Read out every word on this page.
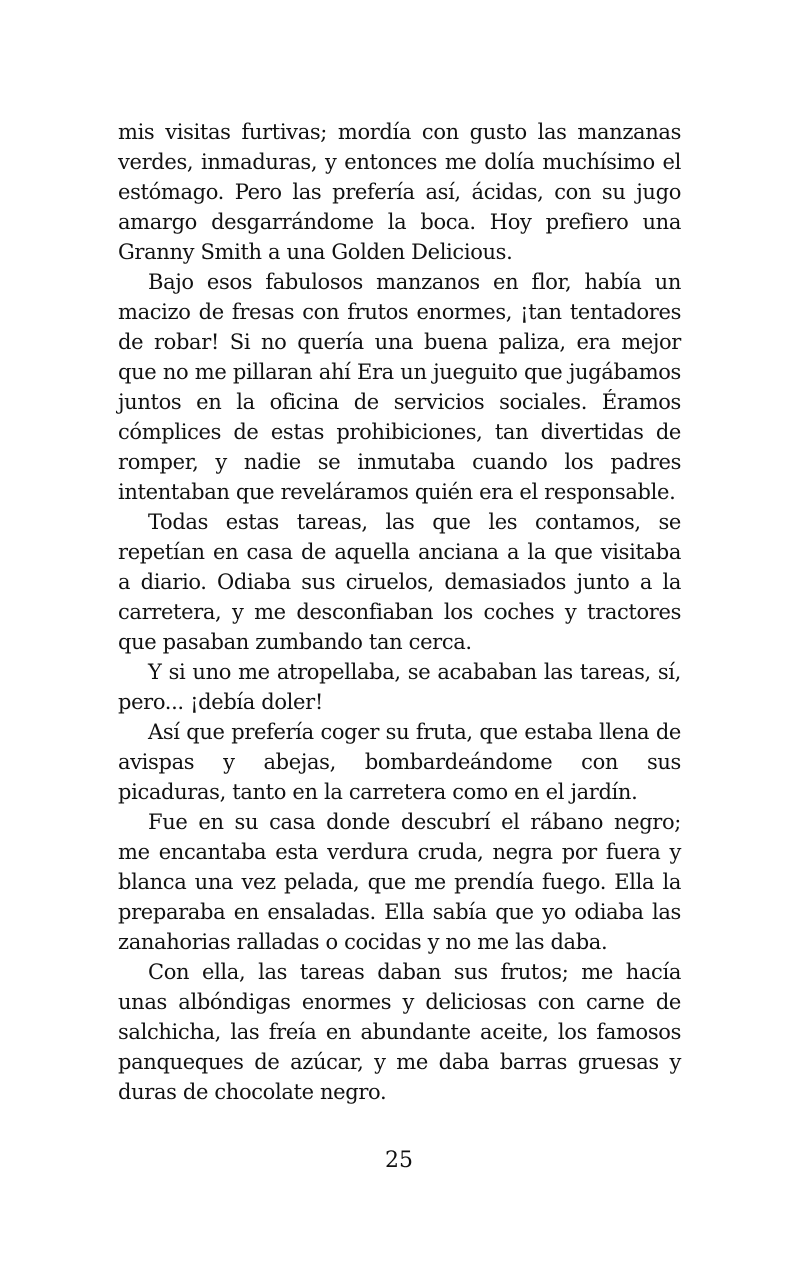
mis visitas furtivas; mordía con gusto las manzanas verdes, inmaduras, y entonces me dolía muchísimo el estómago. Pero las prefería así, ácidas, con su jugo amargo desgarrándome la boca. Hoy prefiero una Granny Smith a una Golden Delicious.

Bajo esos fabulosos manzanos en flor, había un macizo de fresas con frutos enormes, ¡tan tentadores de robar! Si no quería una buena paliza, era mejor que no me pillaran ahí Era un jueguito que jugábamos juntos en la oficina de servicios sociales. Éramos cómplices de estas prohibiciones, tan divertidas de romper, y nadie se inmutaba cuando los padres intentaban que reveláramos quién era el responsable.

Todas estas tareas, las que les contamos, se repetían en casa de aquella anciana a la que visitaba a diario. Odiaba sus ciruelos, demasiados junto a la carretera, y me desconfiaban los coches y tractores que pasaban zumbando tan cerca.

Y si uno me atropellaba, se acababan las tareas, sí, pero... ¡debía doler!

Así que prefería coger su fruta, que estaba llena de avispas y abejas, bombardeándome con sus picaduras, tanto en la carretera como en el jardín.

Fue en su casa donde descubrí el rábano negro; me encantaba esta verdura cruda, negra por fuera y blanca una vez pelada, que me prendía fuego. Ella la preparaba en ensaladas. Ella sabía que yo odiaba las zanahorias ralladas o cocidas y no me las daba.

Con ella, las tareas daban sus frutos; me hacía unas albóndigas enormes y deliciosas con carne de salchicha, las freía en abundante aceite, los famosos panqueques de azúcar, y me daba barras gruesas y duras de chocolate negro.

25
